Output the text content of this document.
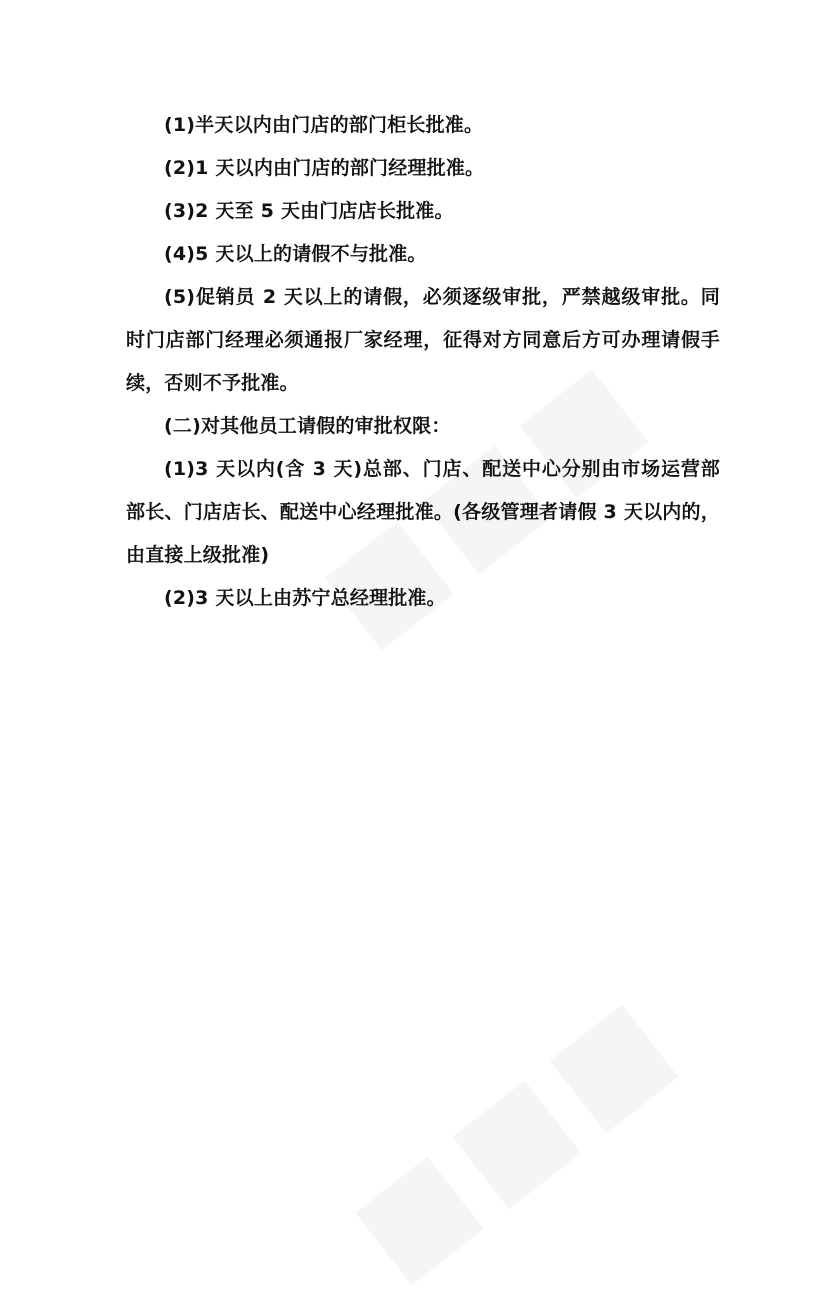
(1)半天以内由门店的部门柜长批准。

(2)1 天以内由门店的部门经理批准。

(3)2 天至 5 天由门店店长批准。

(4)5 天以上的请假不与批准。

(5)促销员 2 天以上的请假，必须逐级审批，严禁越级审批。同时门店部门经理必须通报厂家经理，征得对方同意后方可办理请假手续，否则不予批准。

(二)对其他员工请假的审批权限：

(1)3 天以内(含 3 天)总部、门店、配送中心分别由市场运营部部长、门店店长、配送中心经理批准。(各级管理者请假 3 天以内的，由直接上级批准)

(2)3 天以上由苏宁总经理批准。
